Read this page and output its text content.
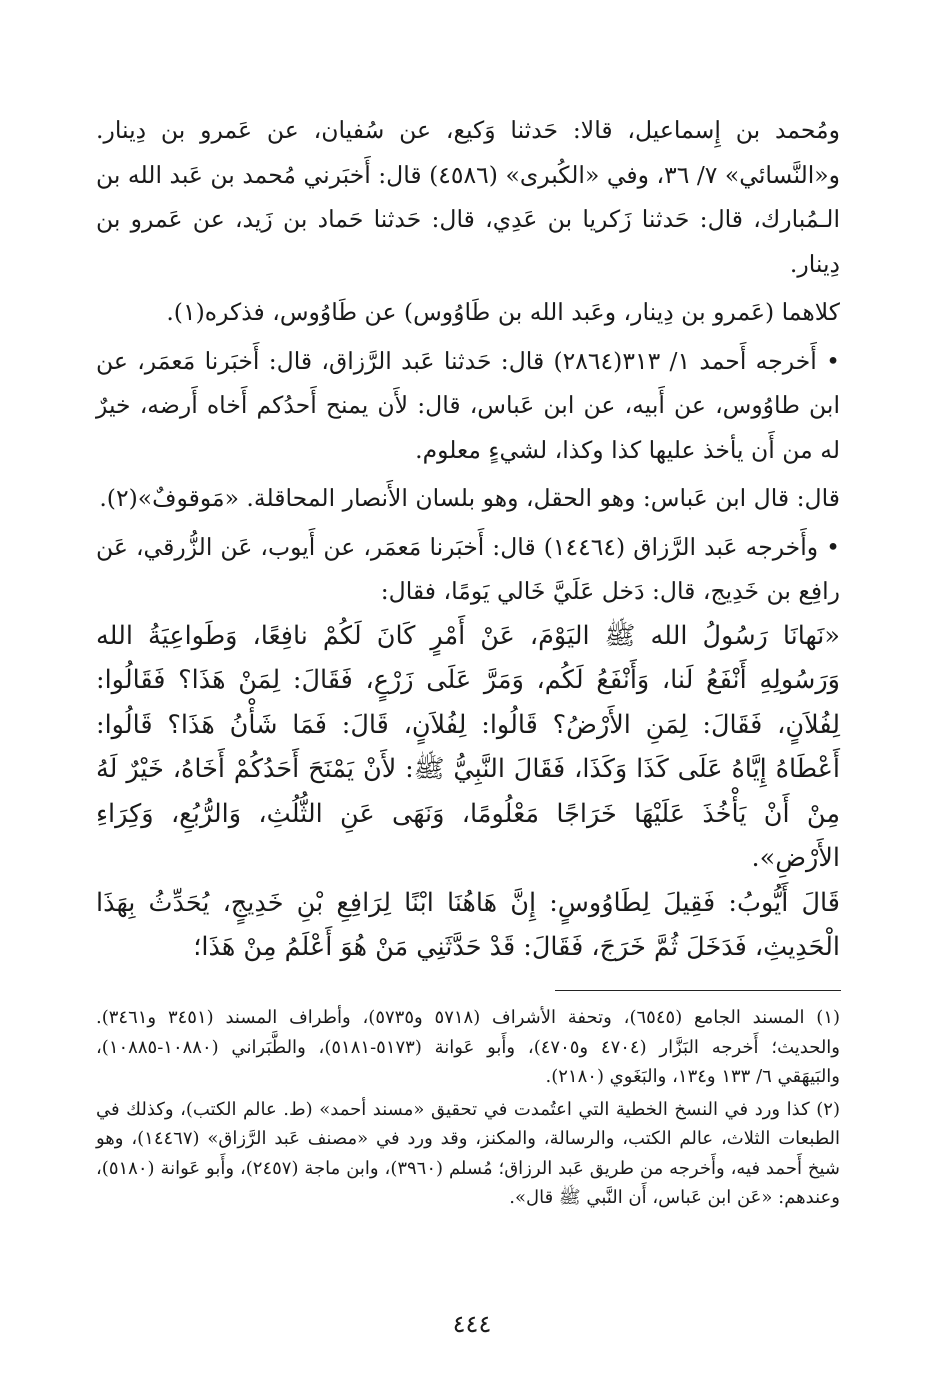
ومُحمد بن إِسماعيل، قالا: حَدثنا وَكيع، عن سُفيان، عن عَمرو بن دِينار. و«النَّسائي» ٧/ ٣٦، وفي «الكُبرى» (٤٥٨٦) قال: أَخبَرني مُحمد بن عَبد الله بن الـمُبارك، قال: حَدثنا زَكريا بن عَدِي، قال: حَدثنا حَماد بن زَيد، عن عَمرو بن دِينار.

كلاهما (عَمرو بن دِينار، وعَبد الله بن طَاوُوس) عن طَاوُوس، فذكره(١).

• أَخرجه أَحمد ١/ ٣١٣(٢٨٦٤) قال: حَدثنا عَبد الرَّزاق، قال: أَخبَرنا مَعمَر، عن ابن طاوُوس، عن أَبيه، عن ابن عَباس، قال: لأَن يمنح أَحدُكم أَخاه أَرضه، خيرٌ له من أَن يأخذ عليها كذا وكذا، لشيءٍ معلوم.

قال: قال ابن عَباس: وهو الحقل، وهو بلسان الأَنصار المحاقلة. «مَوقوفٌ»(٢).

• وأَخرجه عَبد الرَّزاق (١٤٤٦٤) قال: أَخبَرنا مَعمَر، عن أَيوب، عَن الزُّرقي، عَن رافِع بن خَدِيج، قال: دَخل عَلَيَّ خَالي يَومًا، فقال:

«نَهانَا رَسُولُ الله ﷺ اليَوْمَ، عَنْ أَمْرٍ كَانَ لَكُمْ نافِعًا، وَطَواعِيَةُ الله وَرَسُولِهِ أَنْفَعُ لَنا، وَأَنْفَعُ لَكُم، وَمَرَّ عَلَى زَرْعٍ، فَقَالَ: لِمَنْ هَذَا؟ فَقَالُوا: لِفُلاَنٍ، فَقَالَ: لِمَنِ الأَرْضُ؟ قَالُوا: لِفُلاَنٍ، قَالَ: فَمَا شَأْنُ هَذَا؟ قَالُوا: أَعْطَاهُ إِيَّاهُ عَلَى كَذَا وَكَذَا، فَقَالَ النَّبِيُّ ﷺ: لأَنْ يَمْنَحَ أَحَدُكُمْ أَخَاهُ، خَيْرٌ لَهُ مِنْ أَنْ يَأْخُذَ عَلَيْهَا خَرَاجًا مَعْلُومًا، وَنَهَى عَنِ الثُّلُثِ، وَالرُّبُعِ، وَكِرَاءِ الأَرْضِ».

قَالَ أَيُّوبُ: فَقِيلَ لِطَاوُوسٍ: إِنَّ هَاهُنَا ابْنًا لِرَافِعِ بْنِ خَدِيجٍ، يُحَدِّثُ بِهَذَا الْحَدِيثِ، فَدَخَلَ ثُمَّ خَرَجَ، فَقَالَ: قَدْ حَدَّثَنِي مَنْ هُوَ أَعْلَمُ مِنْ هَذَا؛

(١) المسند الجامع (٦٥٤٥)، وتحفة الأشراف (٥٧١٨ و٥٧٣٥)، وأطراف المسند (٣٤٥١ و٣٤٦١). والحديث؛ أَخرجه البَزَّار (٤٧٠٤ و٤٧٠٥)، وأَبو عَوانة (٥١٧٣-٥١٨١)، والطَّبَراني (١٠٨٨٠-١٠٨٨٥)، والبَيهَقي ٦/ ١٣٣ و١٣٤، والبَغَوي (٢١٨٠).

(٢) كذا ورد في النسخ الخطية التي اعتُمدت في تحقيق «مسند أحمد» (ط. عالم الكتب)، وكذلك في الطبعات الثلاث، عالم الكتب، والرسالة، والمكنز، وقد ورد في «مصنف عَبد الرَّزاق» (١٤٤٦٧)، وهو شيخ أَحمد فيه، وأَخرجه من طريق عَبد الرزاق؛ مُسلم (٣٩٦٠)، وابن ماجة (٢٤٥٧)، وأَبو عَوانة (٥١٨٠)، وعندهم: «عَن ابن عَباس، أَن النَّبي ﷺ قال».

٤٤٤
